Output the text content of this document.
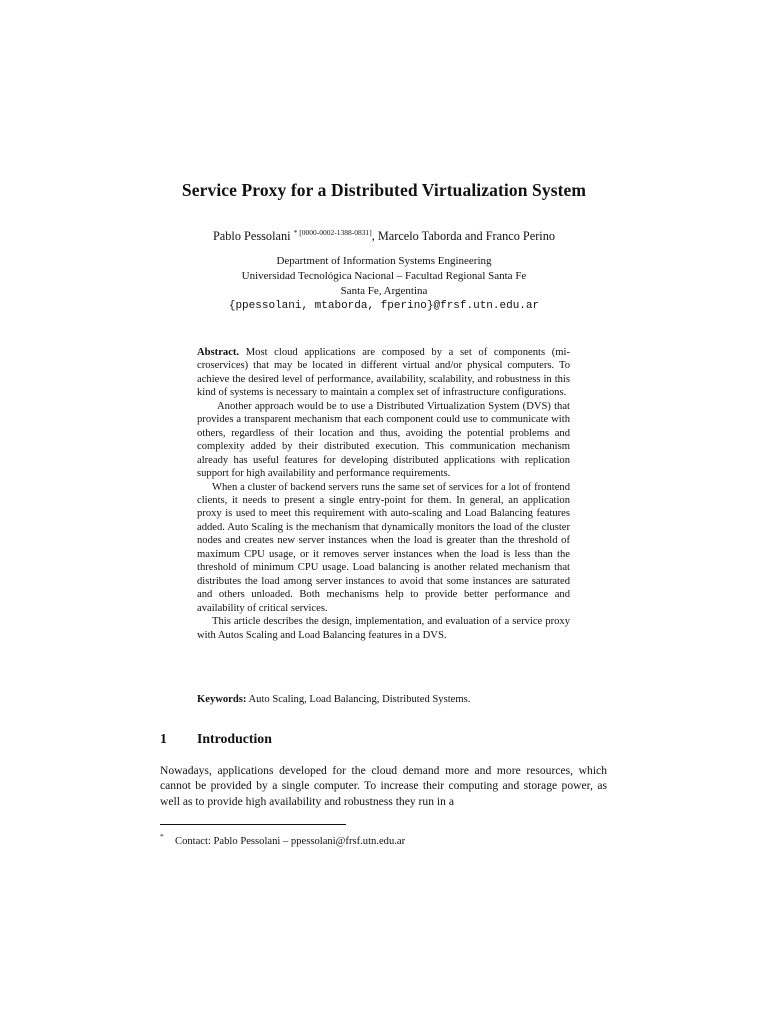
Service Proxy for a Distributed Virtualization System
Pablo Pessolani $^{* [0000-0002-1388-0831]}$, Marcelo Taborda and Franco Perino
Department of Information Systems Engineering
Universidad Tecnológica Nacional – Facultad Regional Santa Fe
Santa Fe, Argentina
{ppessolani, mtaborda, fperino}@frsf.utn.edu.ar

Abstract. Most cloud applications are composed by a set of components (microservices) that may be located in different virtual and/or physical computers. To achieve the desired level of performance, availability, scalability, and robustness in this kind of systems is necessary to maintain a complex set of infrastructure configurations.

Another approach would be to use a Distributed Virtualization System (DVS) that provides a transparent mechanism that each component could use to communicate with others, regardless of their location and thus, avoiding the potential problems and complexity added by their distributed execution. This communication mechanism already has useful features for developing distributed applications with replication support for high availability and performance requirements.

When a cluster of backend servers runs the same set of services for a lot of frontend clients, it needs to present a single entry-point for them. In general, an application proxy is used to meet this requirement with auto-scaling and Load Balancing features added. Auto Scaling is the mechanism that dynamically monitors the load of the cluster nodes and creates new server instances when the load is greater than the threshold of maximum CPU usage, or it removes server instances when the load is less than the threshold of minimum CPU usage. Load balancing is another related mechanism that distributes the load among server instances to avoid that some instances are saturated and others unloaded. Both mechanisms help to provide better performance and availability of critical services.

This article describes the design, implementation, and evaluation of a service proxy with Autos Scaling and Load Balancing features in a DVS.

Keywords: Auto Scaling, Load Balancing, Distributed Systems.
1 Introduction

Nowadays, applications developed for the cloud demand more and more resources, which cannot be provided by a single computer. To increase their computing and storage power, as well as to provide high availability and robustness they run in a

* Contact: Pablo Pessolani – ppessolani@frsf.utn.edu.ar
